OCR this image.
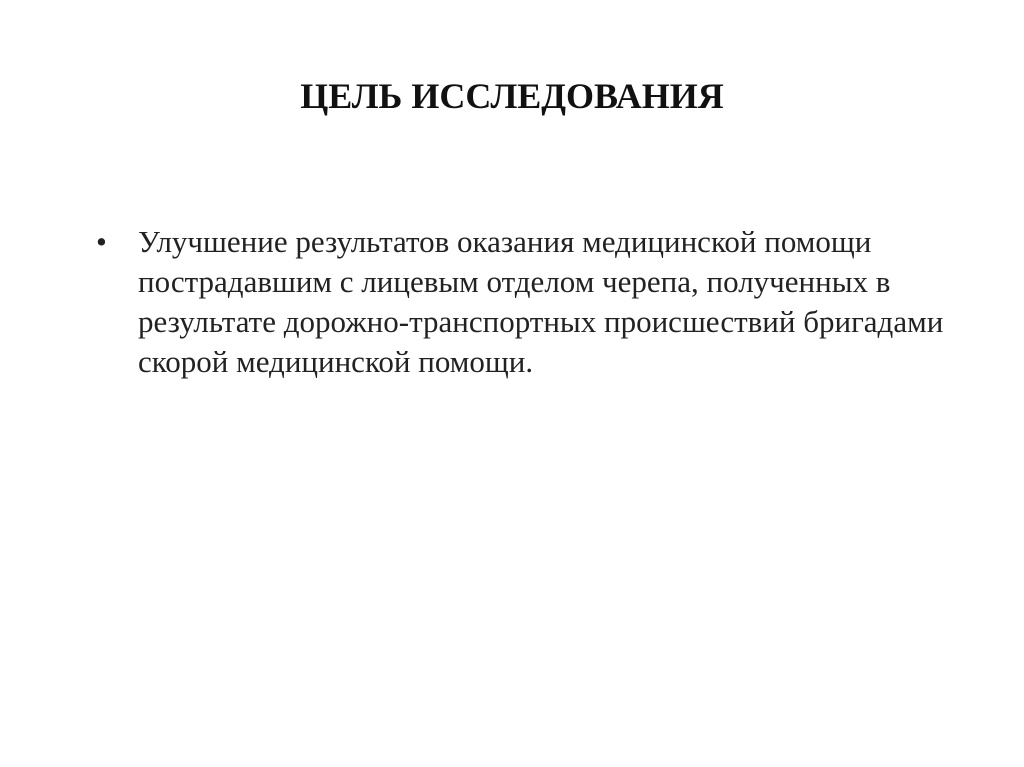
ЦЕЛЬ ИССЛЕДОВАНИЯ
•	Улучшение результатов оказания медицинской помощи пострадавшим с лицевым отделом черепа, полученных в результате дорожно-транспортных происшествий бригадами скорой медицинской помощи.
